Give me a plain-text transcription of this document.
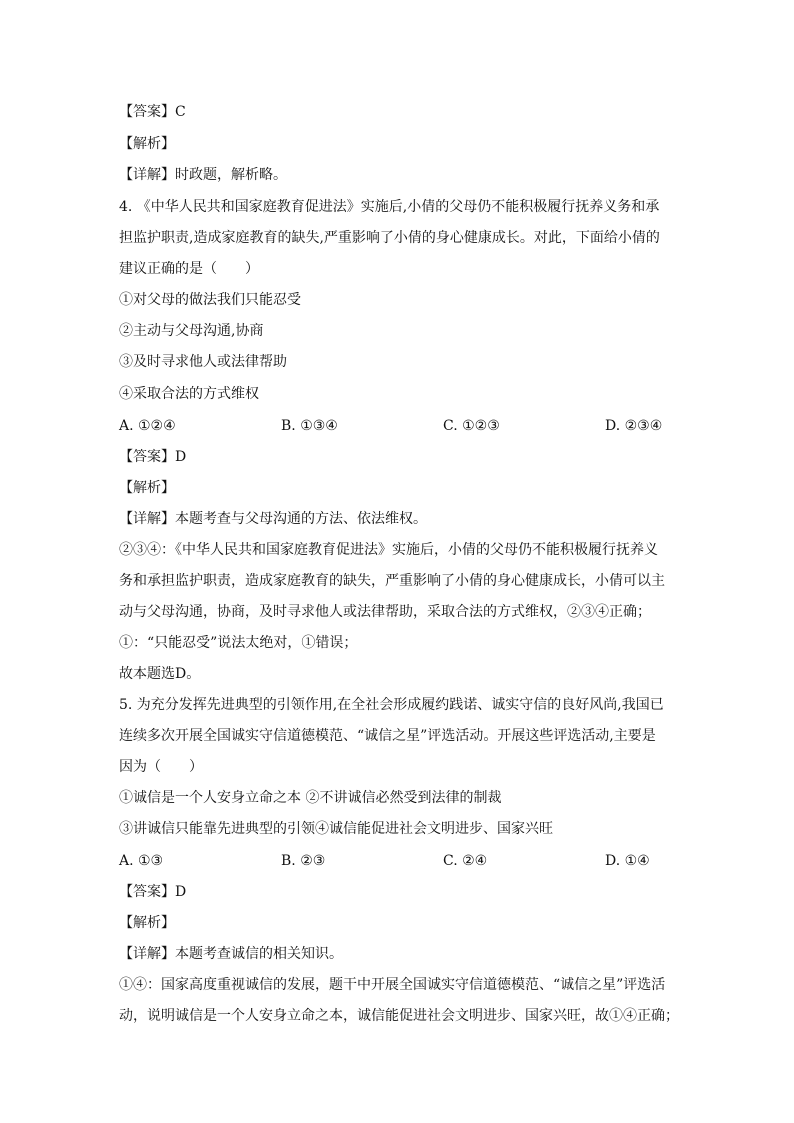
【答案】C
【解析】
【详解】时政题，解析略。
4. 《中华人民共和国家庭教育促进法》实施后,小倩的父母仍不能积极履行抚养义务和承
担监护职责,造成家庭教育的缺失,严重影响了小倩的身心健康成长。对此，下面给小倩的
建议正确的是（　　）
①对父母的做法我们只能忍受
②主动与父母沟通,协商
③及时寻求他人或法律帮助
④采取合法的方式维权
A. ①②④	B. ①③④	C. ①②③	D. ②③④
【答案】D
【解析】
【详解】本题考查与父母沟通的方法、依法维权。
②③④：《中华人民共和国家庭教育促进法》实施后，小倩的父母仍不能积极履行抚养义
务和承担监护职责，造成家庭教育的缺失，严重影响了小倩的身心健康成长，小倩可以主
动与父母沟通，协商，及时寻求他人或法律帮助，采取合法的方式维权，②③④正确；
①：“只能忍受”说法太绝对，①错误；
故本题选D。
5. 为充分发挥先进典型的引领作用,在全社会形成履约践诺、诚实守信的良好风尚,我国已
连续多次开展全国诚实守信道德模范、“诚信之星”评选活动。开展这些评选活动,主要是
因为（　　）
①诚信是一个人安身立命之本 ②不讲诚信必然受到法律的制裁
③讲诚信只能靠先进典型的引领④诚信能促进社会文明进步、国家兴旺
A. ①③	B. ②③	C. ②④	D. ①④
【答案】D
【解析】
【详解】本题考查诚信的相关知识。
①④：国家高度重视诚信的发展，题干中开展全国诚实守信道德模范、“诚信之星”评选活
动，说明诚信是一个人安身立命之本，诚信能促进社会文明进步、国家兴旺，故①④正确；
